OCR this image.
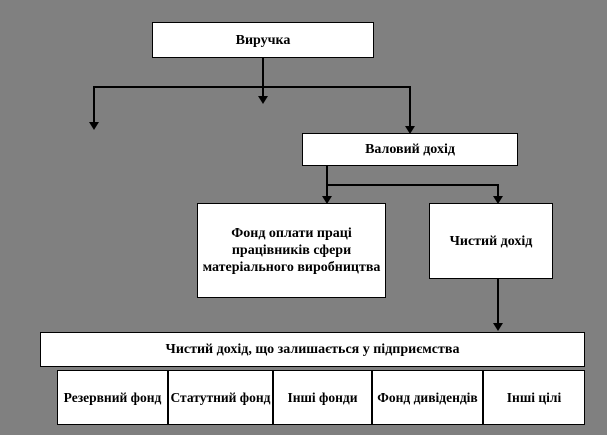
Виручка
Валовий дохід
Фонд оплати праці працівників сфери матеріального виробництва
Чистий дохід
Чистий дохід, що залишається у підприємства
Резервний фонд Статутний фонд Інші фонди Фонд дивідендів Інші цілі
